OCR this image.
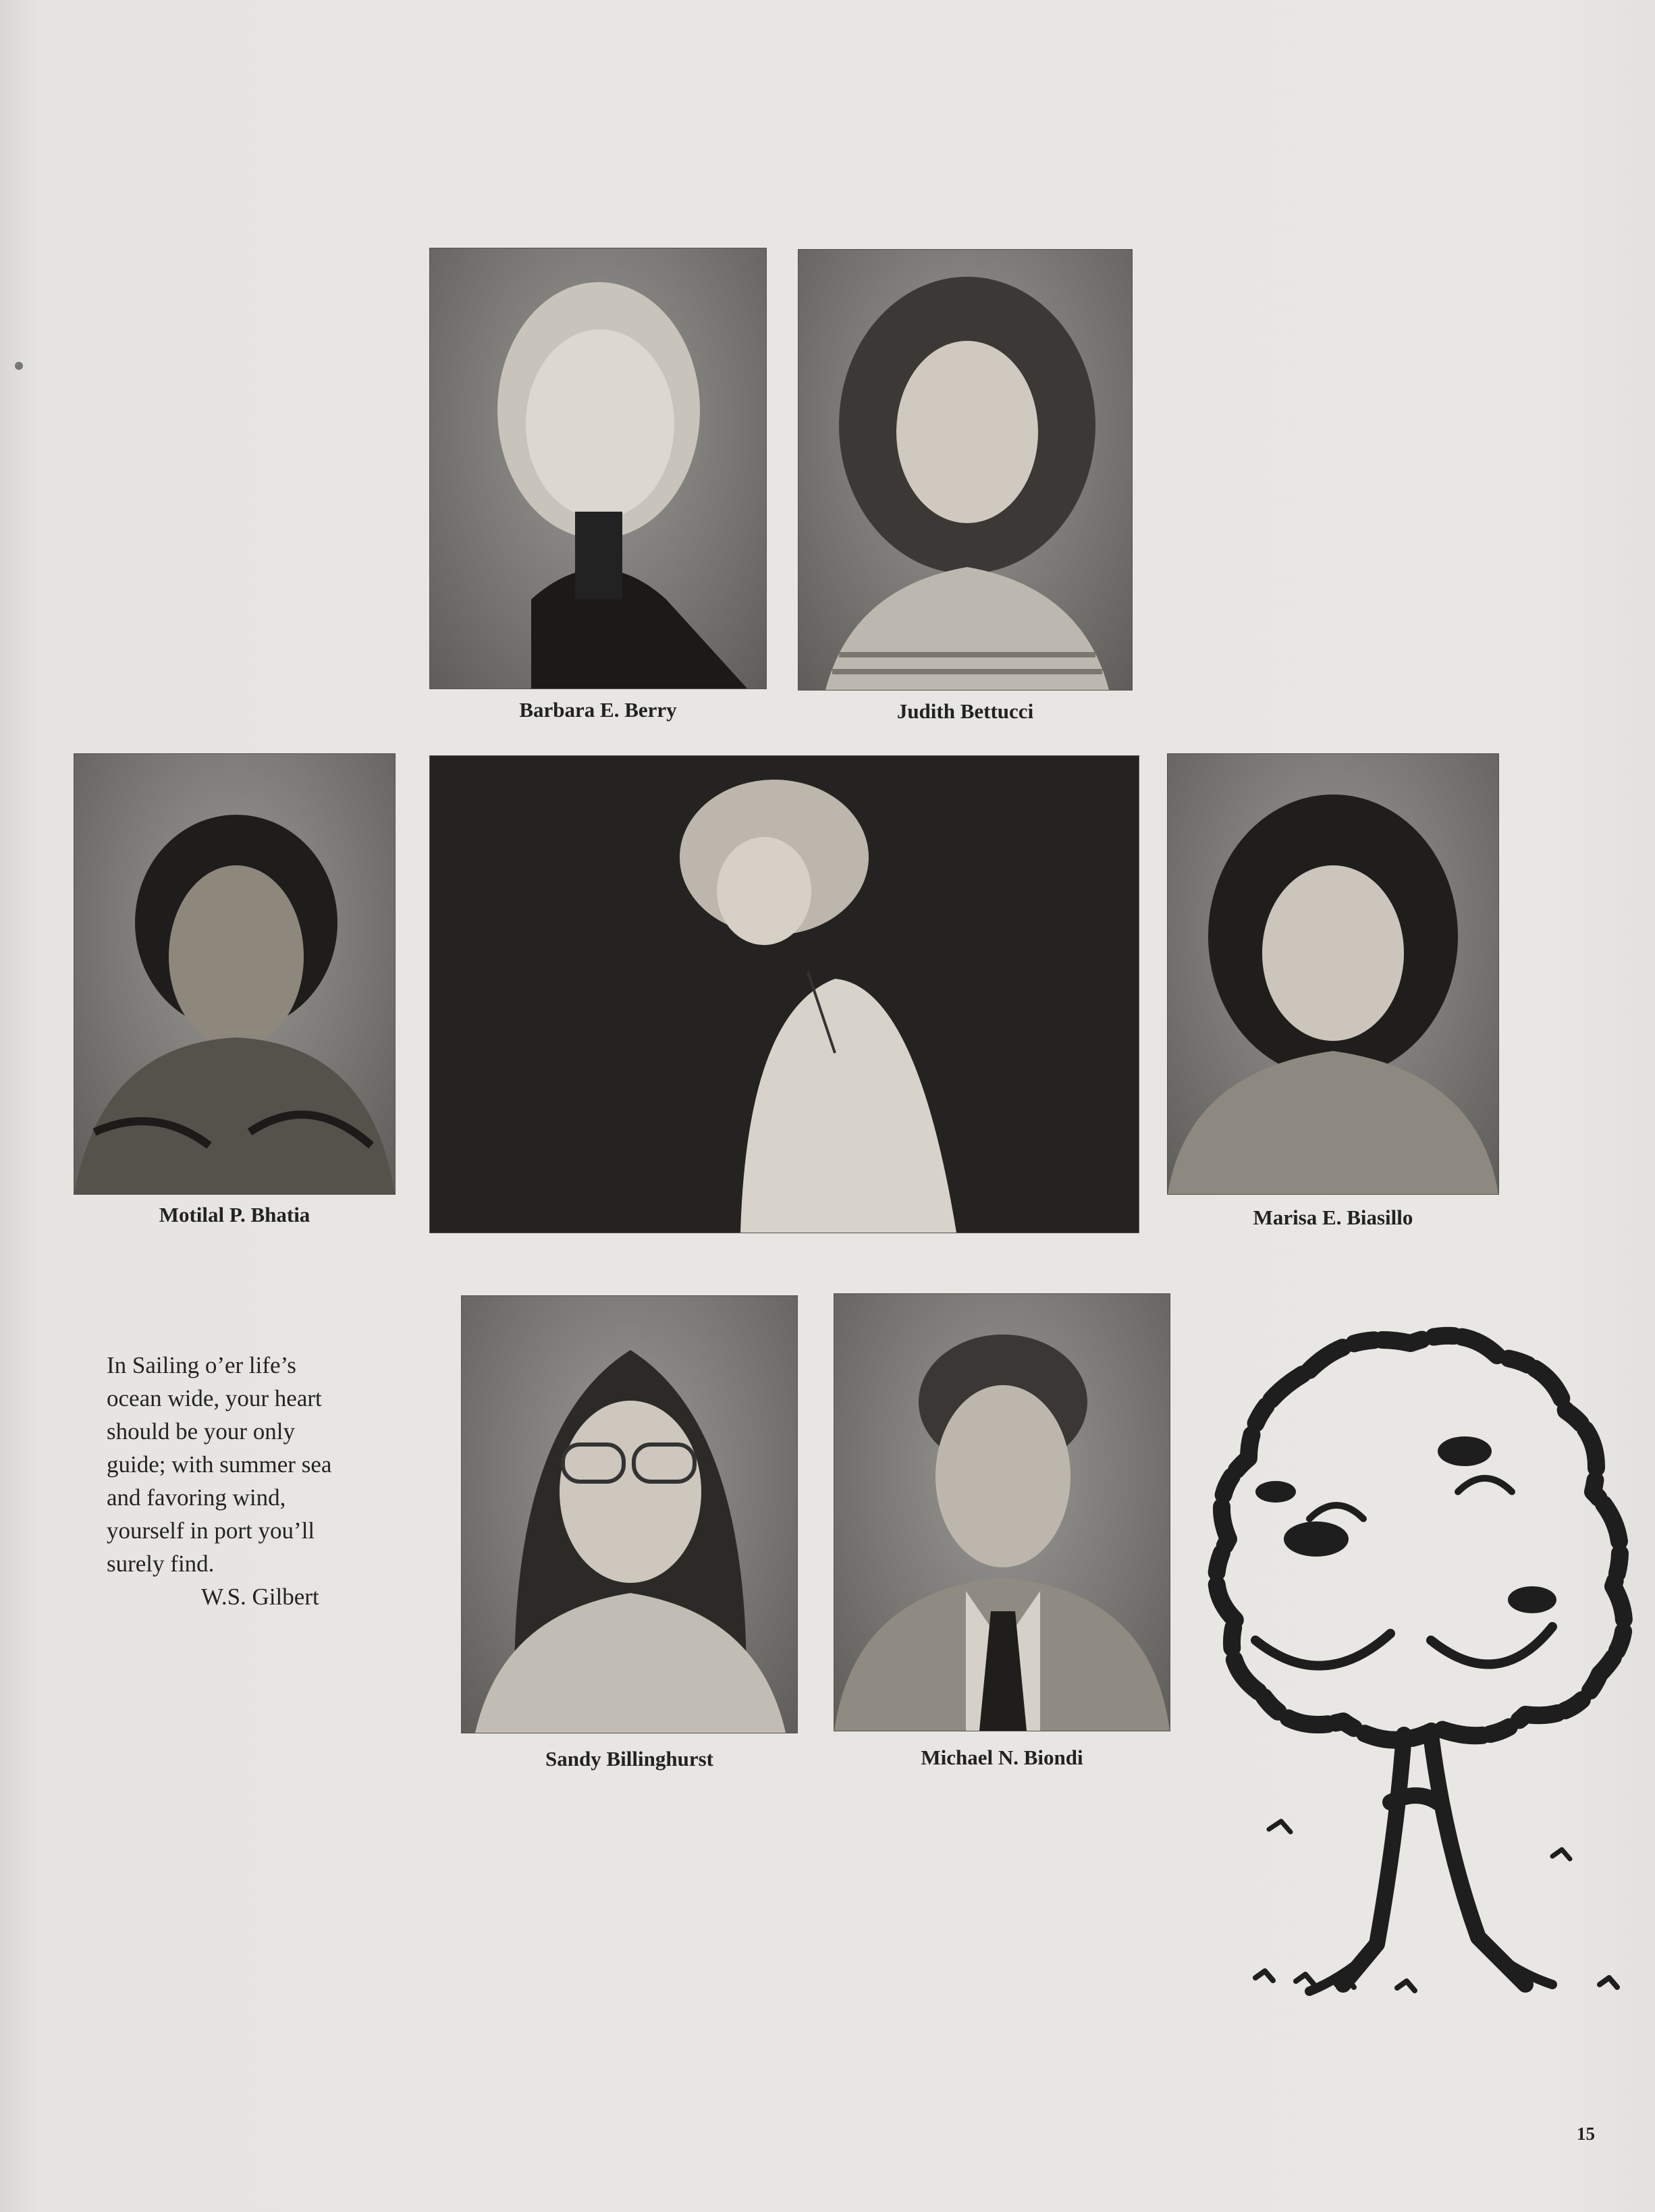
Barbara E. Berry	Judith Bettucci
Motilal P. Bhatia	Marisa E. Biasillo
In Sailing o’er life’s
ocean wide, your heart
should be your only
guide; with summer sea
and favoring wind,
yourself in port you’ll
surely find.
W.S. Gilbert
Sandy Billinghurst	Michael N. Biondi
15
